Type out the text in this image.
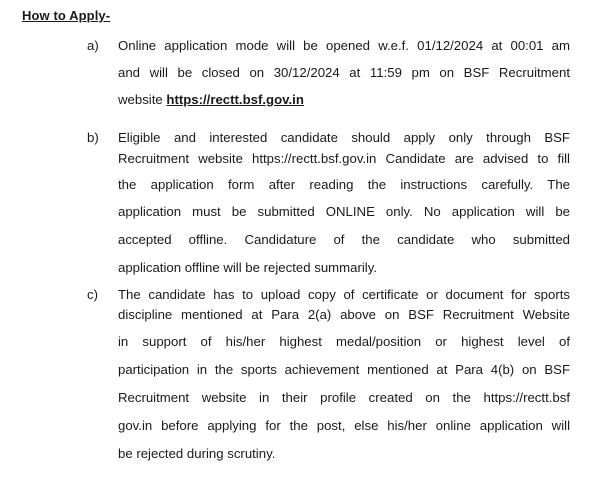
How to Apply-
a) Online application mode will be opened w.e.f. 01/12/2024 at 00:01 am
and will be closed on 30/12/2024 at 11:59 pm on BSF Recruitment
website https://rectt.bsf.gov.in
b) Eligible and interested candidate should apply only through BSF
Recruitment website https://rectt.bsf.gov.in Candidate are advised to fill
the application form after reading the instructions carefully. The
application must be submitted ONLINE only. No application will be
accepted offline. Candidature of the candidate who submitted
application offline will be rejected summarily.
c) The candidate has to upload copy of certificate or document for sports
discipline mentioned at Para 2(a) above on BSF Recruitment Website
in support of his/her highest medal/position or highest level of
participation in the sports achievement mentioned at Para 4(b) on BSF
Recruitment website in their profile created on the https://rectt.bsf
gov.in before applying for the post, else his/her online application will
be rejected during scrutiny.
